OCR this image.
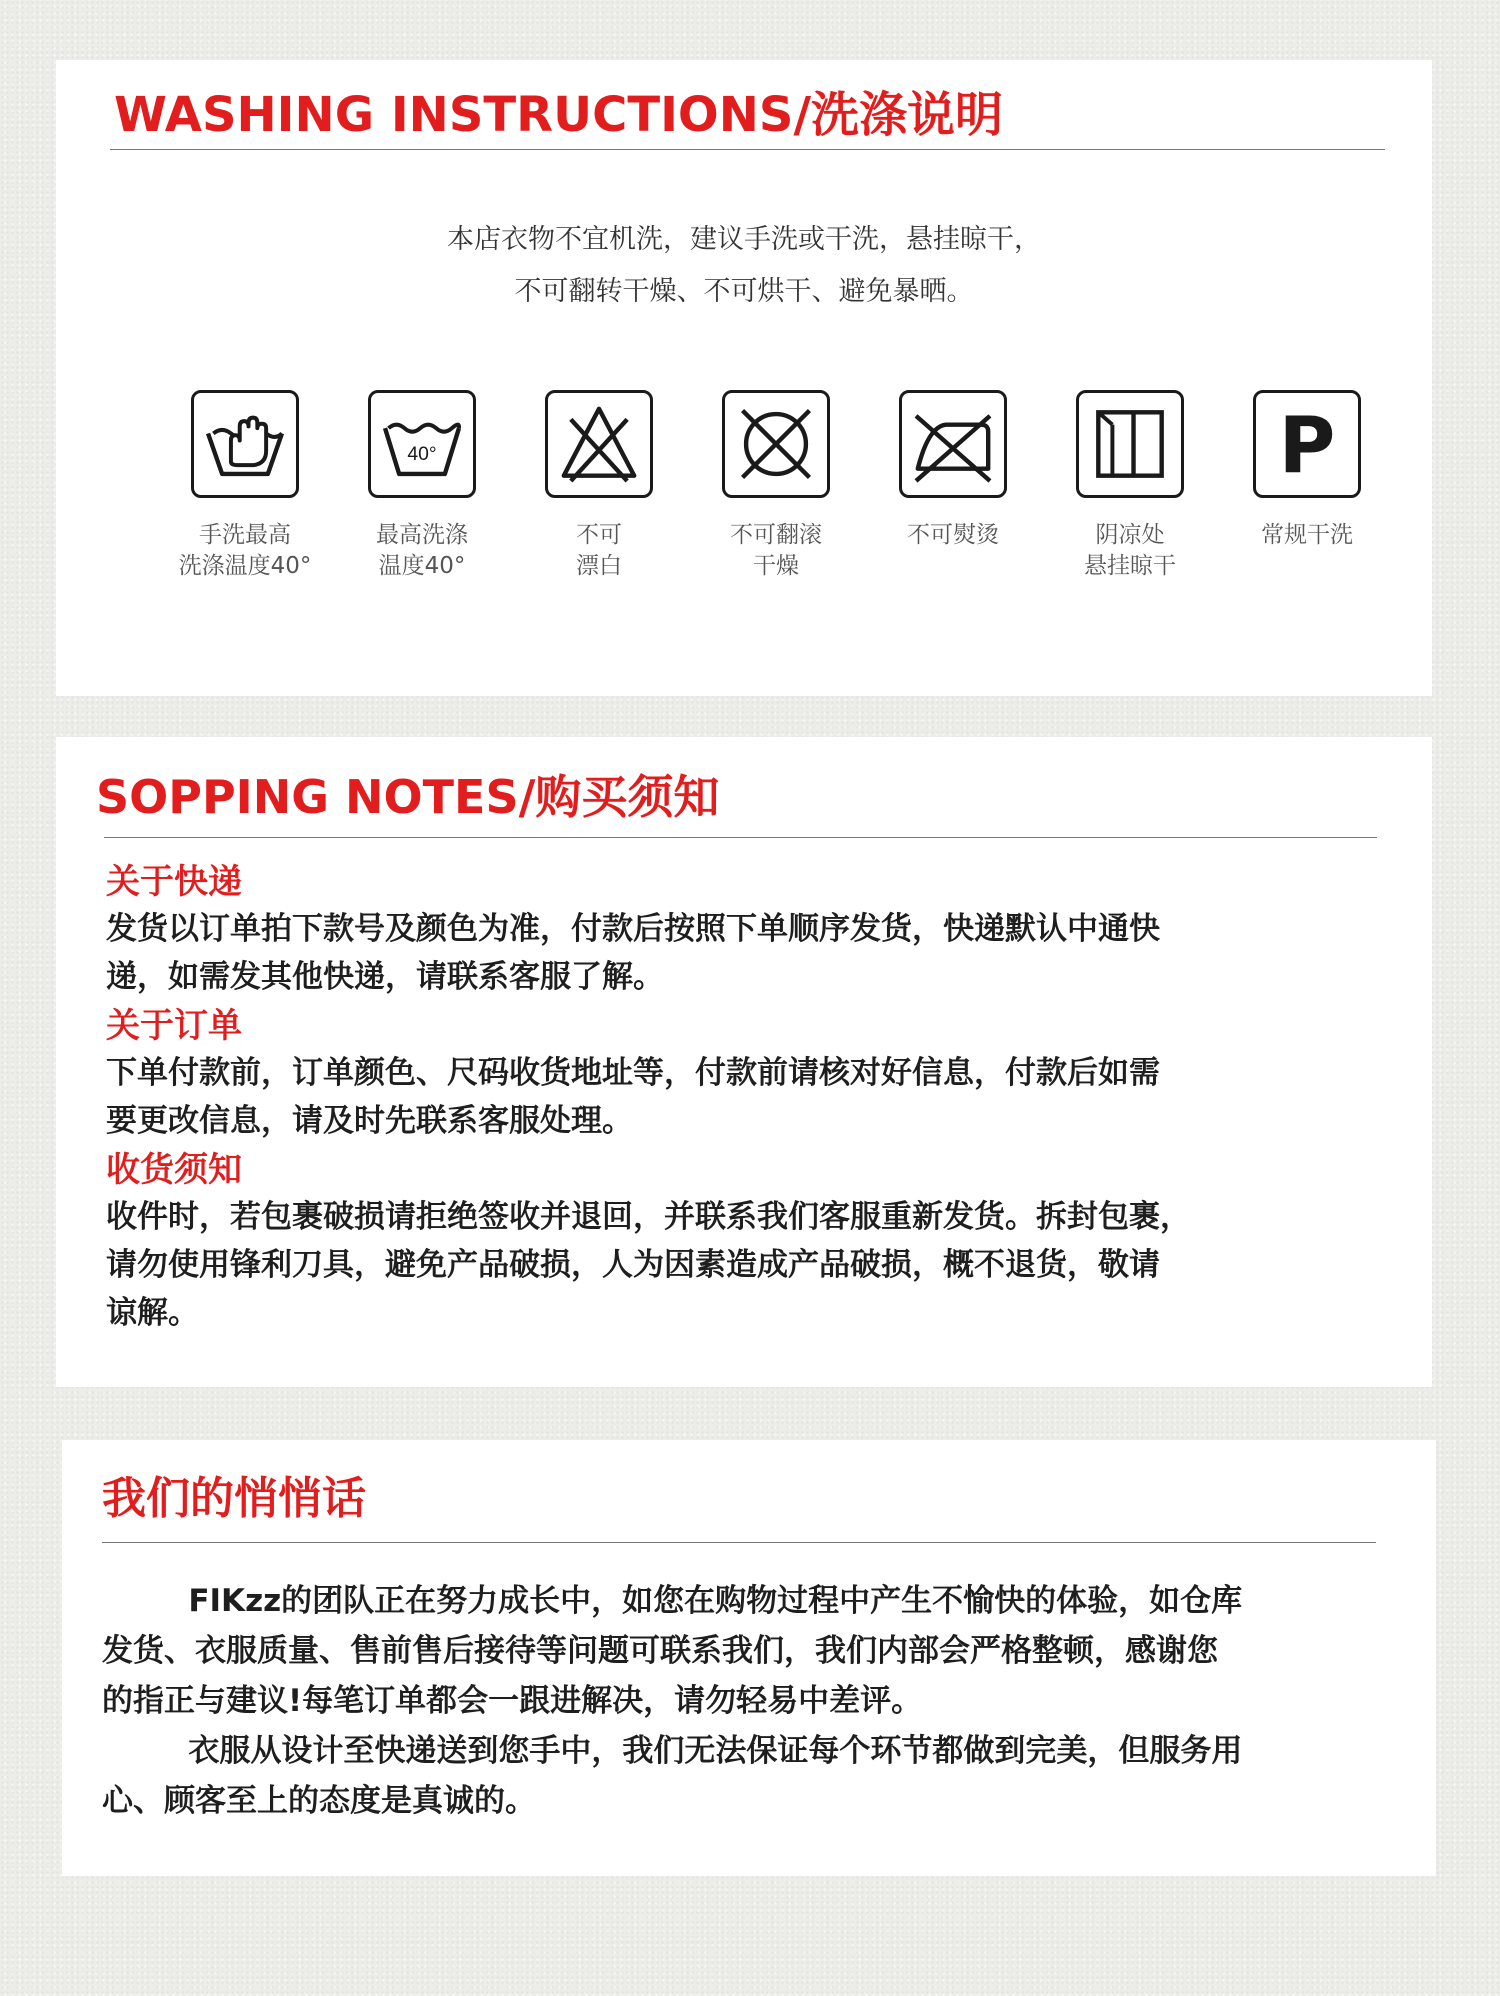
WASHING INSTRUCTIONS/洗涤说明
本店衣物不宜机洗，建议手洗或干洗，悬挂晾干，
不可翻转干燥、不可烘干、避免暴晒。
手洗最高
洗涤温度40°
40°
最高洗涤
温度40°
不可
漂白
不可翻滚
干燥
不可熨烫	阴凉处
悬挂晾干
P
常规干洗
SOPPING NOTES/购买须知
关于快递
发货以订单拍下款号及颜色为准，付款后按照下单顺序发货，快递默认中通快
递，如需发其他快递，请联系客服了解。
关于订单
下单付款前，订单颜色、尺码收货地址等，付款前请核对好信息，付款后如需
要更改信息，请及时先联系客服处理。
收货须知
收件时，若包裹破损请拒绝签收并退回，并联系我们客服重新发货。拆封包裹，
请勿使用锋利刀具，避免产品破损，人为因素造成产品破损，概不退货，敬请
谅解。
我们的悄悄话

FIKzz的团队正在努力成长中，如您在购物过程中产生不愉快的体验，如仓库
发货、衣服质量、售前售后接待等问题可联系我们，我们内部会严格整顿，感谢您
的指正与建议!每笔订单都会一跟进解决，请勿轻易中差评。

衣服从设计至快递送到您手中，我们无法保证每个环节都做到完美，但服务用
心、顾客至上的态度是真诚的。
